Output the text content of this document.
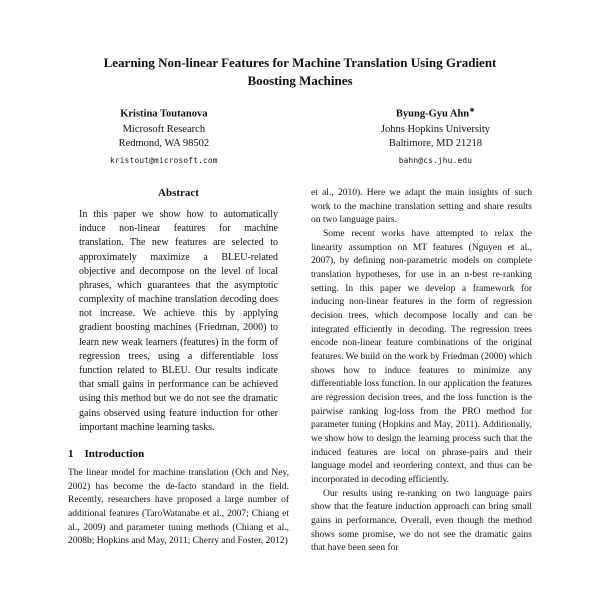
Learning Non-linear Features for Machine Translation Using Gradient Boosting Machines
Kristina Toutanova
Microsoft Research
Redmond, WA 98502
kristout@microsoft.com
Byung-Gyu Ahn∗
Johns Hopkins University
Baltimore, MD 21218
bahn@cs.jhu.edu
Abstract
In this paper we show how to automatically induce non-linear features for machine translation. The new features are selected to approximately maximize a BLEU-related objective and decompose on the level of local phrases, which guarantees that the asymptotic complexity of machine translation decoding does not increase. We achieve this by applying gradient boosting machines (Friedman, 2000) to learn new weak learners (features) in the form of regression trees, using a differentiable loss function related to BLEU. Our results indicate that small gains in performance can be achieved using this method but we do not see the dramatic gains observed using feature induction for other important machine learning tasks.
1 Introduction

The linear model for machine translation (Och and Ney, 2002) has become the de-facto standard in the field. Recently, researchers have proposed a large number of additional features (TaroWatanabe et al., 2007; Chiang et al., 2009) and parameter tuning methods (Chiang et al., 2008b; Hopkins and May, 2011; Cherry and Foster, 2012)

et al., 2010). Here we adapt the main insights of such work to the machine translation setting and share results on two language pairs.

Some recent works have attempted to relax the linearity assumption on MT features (Nguyen et al., 2007), by defining non-parametric models on complete translation hypotheses, for use in an n-best re-ranking setting. In this paper we develop a framework for inducing non-linear features in the form of regression decision trees, which decompose locally and can be integrated efficiently in decoding. The regression trees encode non-linear feature combinations of the original features. We build on the work by Friedman (2000) which shows how to induce features to minimize any differentiable loss function. In our application the features are regression decision trees, and the loss function is the pairwise ranking log-loss from the PRO method for parameter tuning (Hopkins and May, 2011). Additionally, we show how to design the learning process such that the induced features are local on phrase-pairs and their language model and reordering context, and thus can be incorporated in decoding efficiently.

Our results using re-ranking on two language pairs show that the feature induction approach can bring small gains in performance. Overall, even though the method shows some promise, we do not see the dramatic gains that have been seen for
